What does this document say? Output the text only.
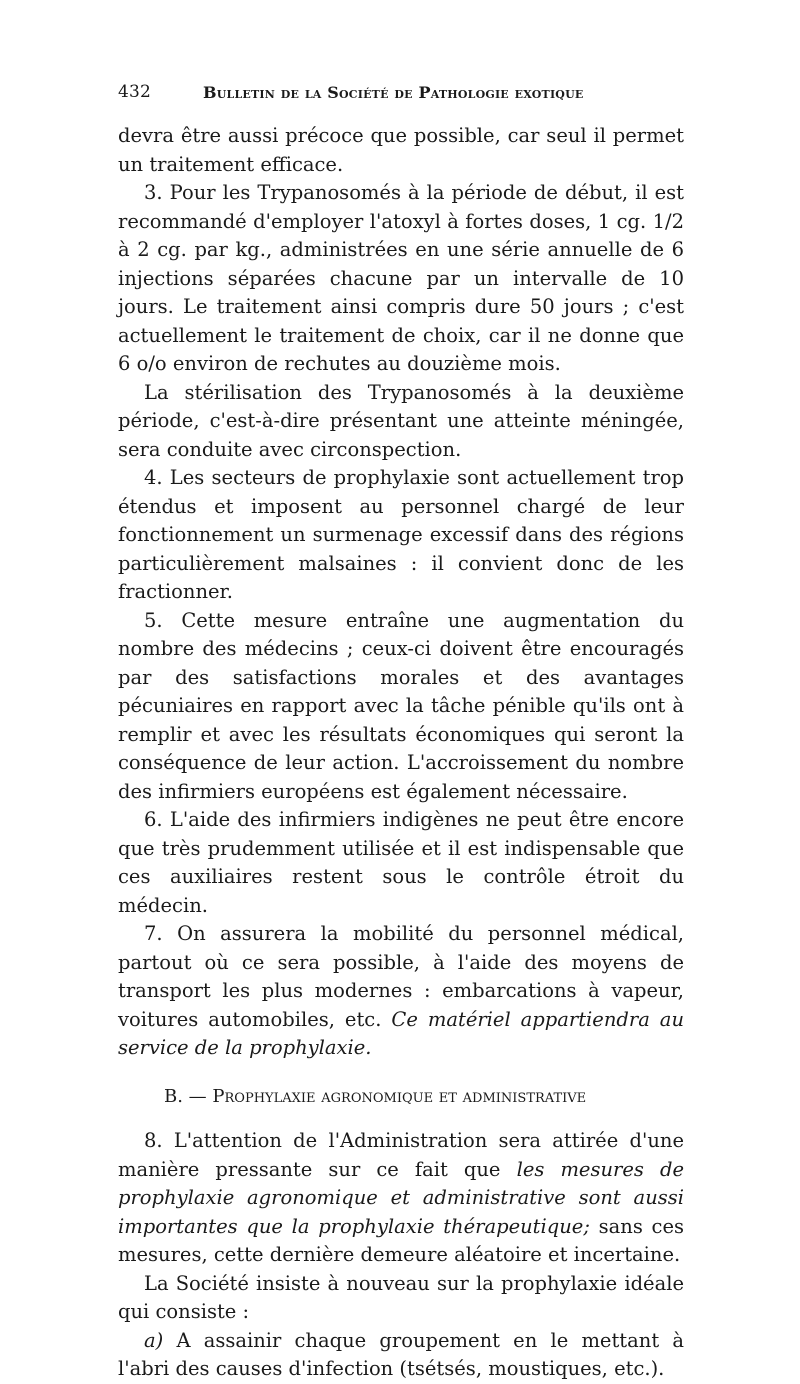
432	Bulletin de la Société de Pathologie exotique

devra être aussi précoce que possible, car seul il permet un traitement efficace.

3. Pour les Trypanosomés à la période de début, il est recommandé d'employer l'atoxyl à fortes doses, 1 cg. 1/2 à 2 cg. par kg., administrées en une série annuelle de 6 injections séparées chacune par un intervalle de 10 jours. Le traitement ainsi compris dure 50 jours ; c'est actuellement le traitement de choix, car il ne donne que 6 o/o environ de rechutes au douzième mois.

La stérilisation des Trypanosomés à la deuxième période, c'est-à-dire présentant une atteinte méningée, sera conduite avec circonspection.

4. Les secteurs de prophylaxie sont actuellement trop étendus et imposent au personnel chargé de leur fonctionnement un surmenage excessif dans des régions particulièrement malsaines : il convient donc de les fractionner.

5. Cette mesure entraîne une augmentation du nombre des médecins ; ceux-ci doivent être encouragés par des satisfactions morales et des avantages pécuniaires en rapport avec la tâche pénible qu'ils ont à remplir et avec les résultats économiques qui seront la conséquence de leur action. L'accroissement du nombre des infirmiers européens est également nécessaire.

6. L'aide des infirmiers indigènes ne peut être encore que très prudemment utilisée et il est indispensable que ces auxiliaires restent sous le contrôle étroit du médecin.

7. On assurera la mobilité du personnel médical, partout où ce sera possible, à l'aide des moyens de transport les plus modernes : embarcations à vapeur, voitures automobiles, etc. Ce matériel appartiendra au service de la prophylaxie.

B. — Prophylaxie agronomique et administrative

8. L'attention de l'Administration sera attirée d'une manière pressante sur ce fait que les mesures de prophylaxie agronomique et administrative sont aussi importantes que la prophylaxie thérapeutique; sans ces mesures, cette dernière demeure aléatoire et incertaine.

La Société insiste à nouveau sur la prophylaxie idéale qui consiste :

a) A assainir chaque groupement en le mettant à l'abri des causes d'infection (tsétsés, moustiques, etc.).
